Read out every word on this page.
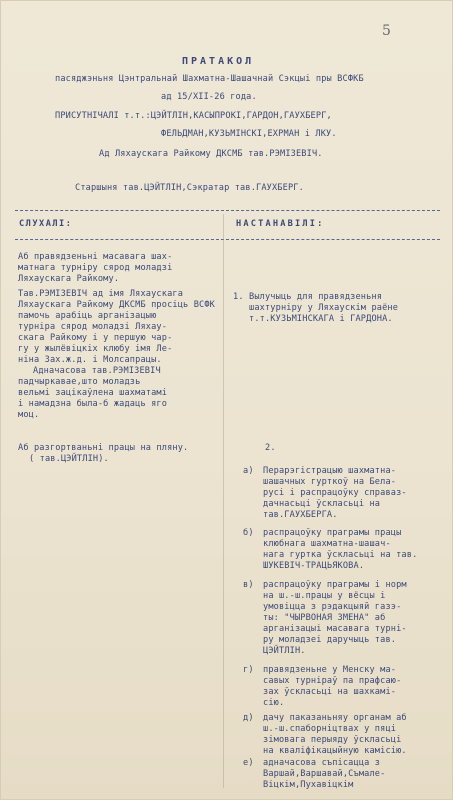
5
ПРАТАКОЛ
пасяджэньня Цэнтральнай Шахматна-Шашачнай Сэкцыі пры ВСФКБ
ад 15/XII-26 года.
ПРИСУТНІЧАЛІ т.т.:ЦЭЙТЛІН,КАСЫПРОКІ,ГАРДОН,ГАУХБЕРГ,
ФЕЛЬДМАН,КУЗЬМІНСКІ,ЕХРМАН і ЛКУ.
Ад Ляхаускага Райкому ДКСМБ тав.РЭМІЗЕВІЧ.
Старшыня тав.ЦЭЙТЛІН,Сэкратар тав.ГАУХБЕРГ.
СЛУХАЛІ:	НАСТАНАВІЛІ:
Аб правядзеньні масавага шах-
матнага турніру сярод моладзі
Ляхаускага Райкому.
Тав.РЭМІЗЕВІЧ ад імя Ляхаускага
Ляхаускага Райкому ДКСМБ просіць ВСФК
памочь арабіць арганізацыю
турніра сярод моладзі Ляхау-
скага Райкому і у першую чар-
гу у жылёвіцкіх клюбу імя Ле-
ніна Зах.ж.д. і Молсапрацы.
Адначасова тав.РЭМІЗЕВІЧ
падчыркавае,што моладзь
вельмі зацікаўлена шахматамі
і намадзна была-б жадаць яго
моц.
Аб разгортваньні працы на пляну.
( тав.ЦЭЙТЛІН).
1. Вылучыць для правядзеньня
шахтурніру у Ляхаускім раёне
т.т.КУЗЬМІНСКАГА і ГАРДОНА.
2.
а) Перарэгістрацыю шахматна-
шашачных гурткоў на Бела-
русі і распрацоўку справаз-
дачнасьці ўскласьці на
тав.ГАУХБЕРГА.
б) распрацоўку праграмы працы
клюбнага шахматна-шашач-
нага гуртка ўскласьці на тав.
ШУКЕВІЧ-ТРАЦЬЯКОВА.
в) распрацоўку праграмы і норм
на ш.-ш.працы у вёсцы і
умовіцца з рэдакцыяй газэ-
ты: "ЧЫРВОНАЯ ЗМЕНА" аб
арганізацыі масавага турні-
ру моладзеі даручыць тав.
ЦЭЙТЛІН.
г) правядзеньне у Менску ма-
савых турніраў па прафсаю-
зах ўскласьці на шахкамі-
сію.
д) дачу паказаньняу органам аб
ш.-ш.спаборніцтвах у пяці
зімовага перыяду ўскласьці
на кваліфікацыйную камісію.
е) адначасова съпісацца з
Варшай,Варшавай,Съмале-
Віцкім,Пухавіцкім
